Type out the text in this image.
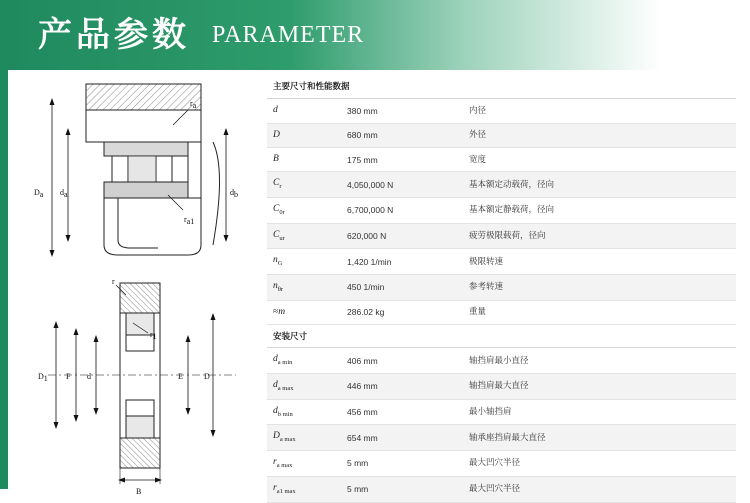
产品参数 PARAMETER
ra
ra1
Da da	db
r
r1
D1 F d	E	D
B
主要尺寸和性能数据		
d	380 mm	内径
D	680 mm	外径
B	175 mm	宽度
$C_r$	4,050,000 N	基本额定动载荷，径向
$C_{0r}$	6,700,000 N	基本额定静载荷，径向
$C_{ur}$	620,000 N	疲劳极限载荷，径向
$n_G$	1,420 1/min	极限转速
$n_{\theta r}$	450 1/min	参考转速
≈m	286.02 kg	重量
安装尺寸		
$d_{a min}$	406 mm	轴挡肩最小直径
$d_{a max}$	446 mm	轴挡肩最大直径
$d_{b min}$	456 mm	最小轴挡肩
$D_{a max}$	654 mm	轴承座挡肩最大直径
$r_{a max}$	5 mm	最大凹穴半径
$r_{a1 max}$	5 mm	最大凹穴半径
